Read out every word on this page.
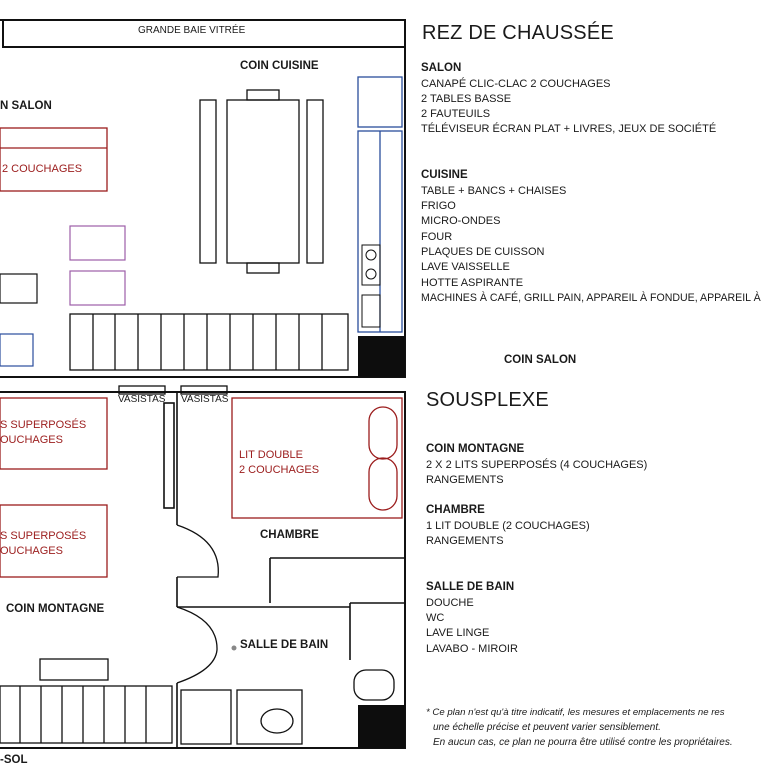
GRANDE BAIE VITRÉE
COIN CUISINE
N SALON
2 COUCHAGES
VASISTAS VASISTAS
S SUPERPOSÉS
OUCHAGES
S SUPERPOSÉS
OUCHAGES
LIT DOUBLE
2 COUCHAGES
CHAMBRE
COIN MONTAGNE
SALLE DE BAIN
-SOL
REZ DE CHAUSSÉE
SALON
CANAPÉ CLIC-CLAC 2 COUCHAGES
2 TABLES BASSE
2 FAUTEUILS
TÉLÉVISEUR ÉCRAN PLAT + LIVRES, JEUX DE SOCIÉTÉ
CUISINE
TABLE + BANCS + CHAISES
FRIGO
MICRO-ONDES
FOUR
PLAQUES DE CUISSON
LAVE VAISSELLE
HOTTE ASPIRANTE
MACHINES À CAFÉ, GRILL PAIN, APPAREIL À FONDUE, APPAREIL À
COIN SALON
SOUSPLEXE
COIN MONTAGNE
2 X 2 LITS SUPERPOSÉS (4 COUCHAGES)
RANGEMENTS
CHAMBRE
1 LIT DOUBLE (2 COUCHAGES)
RANGEMENTS
SALLE DE BAIN
DOUCHE
WC
LAVE LINGE
LAVABO - MIROIR
* Ce plan n'est qu'à titre indicatif, les mesures et emplacements ne res
une échelle précise et peuvent varier sensiblement.
En aucun cas, ce plan ne pourra être utilisé contre les propriétaires.
